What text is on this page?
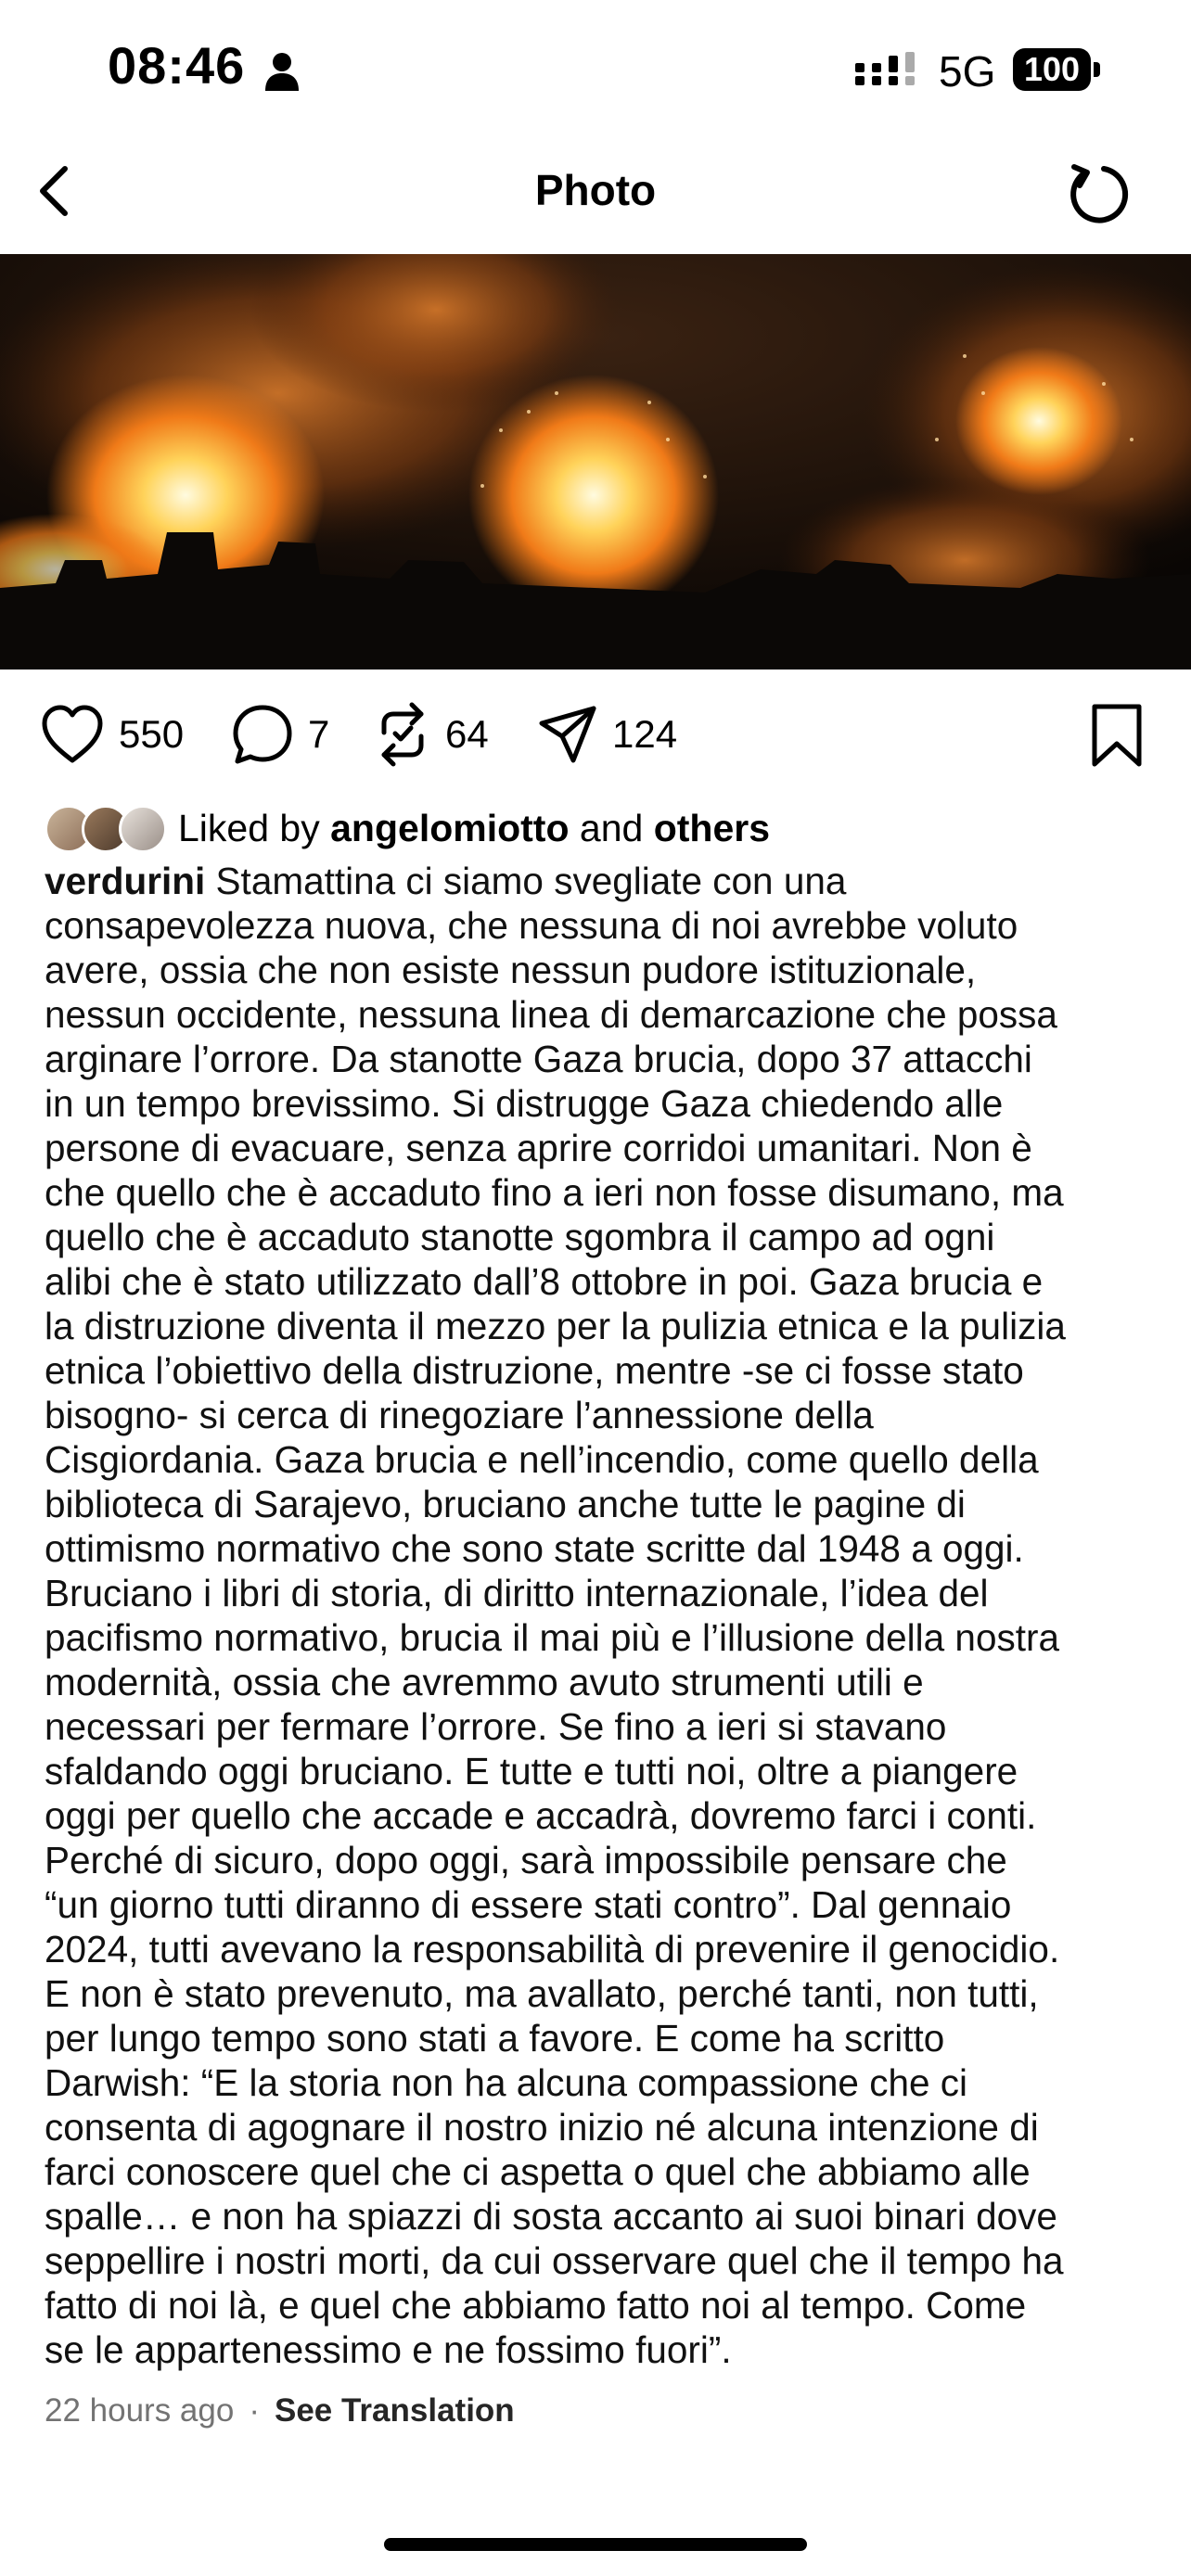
08:46	5G 100
Photo
550	7	64	124
Liked by
angelomiotto
and
others
verdurini Stamattina ci siamo svegliate con una
consapevolezza nuova, che nessuna di noi avrebbe voluto
avere, ossia che non esiste nessun pudore istituzionale,
nessun occidente, nessuna linea di demarcazione che possa
arginare l’orrore. Da stanotte Gaza brucia, dopo 37 attacchi
in un tempo brevissimo. Si distrugge Gaza chiedendo alle
persone di evacuare, senza aprire corridoi umanitari. Non è
che quello che è accaduto fino a ieri non fosse disumano, ma
quello che è accaduto stanotte sgombra il campo ad ogni
alibi che è stato utilizzato dall’8 ottobre in poi. Gaza brucia e
la distruzione diventa il mezzo per la pulizia etnica e la pulizia
etnica l’obiettivo della distruzione, mentre -se ci fosse stato
bisogno- si cerca di rinegoziare l’annessione della
Cisgiordania. Gaza brucia e nell’incendio, come quello della
biblioteca di Sarajevo, bruciano anche tutte le pagine di
ottimismo normativo che sono state scritte dal 1948 a oggi.
Bruciano i libri di storia, di diritto internazionale, l’idea del
pacifismo normativo, brucia il mai più e l’illusione della nostra
modernità, ossia che avremmo avuto strumenti utili e
necessari per fermare l’orrore. Se fino a ieri si stavano
sfaldando oggi bruciano. E tutte e tutti noi, oltre a piangere
oggi per quello che accade e accadrà, dovremo farci i conti.
Perché di sicuro, dopo oggi, sarà impossibile pensare che
“un giorno tutti diranno di essere stati contro”. Dal gennaio
2024, tutti avevano la responsabilità di prevenire il genocidio.
E non è stato prevenuto, ma avallato, perché tanti, non tutti,
per lungo tempo sono stati a favore. E come ha scritto
Darwish: “E la storia non ha alcuna compassione che ci
consenta di agognare il nostro inizio né alcuna intenzione di
farci conoscere quel che ci aspetta o quel che abbiamo alle
spalle… e non ha spiazzi di sosta accanto ai suoi binari dove
seppellire i nostri morti, da cui osservare quel che il tempo ha
fatto di noi là, e quel che abbiamo fatto noi al tempo. Come
se le appartenessimo e ne fossimo fuori”.
22 hours ago · See Translation
